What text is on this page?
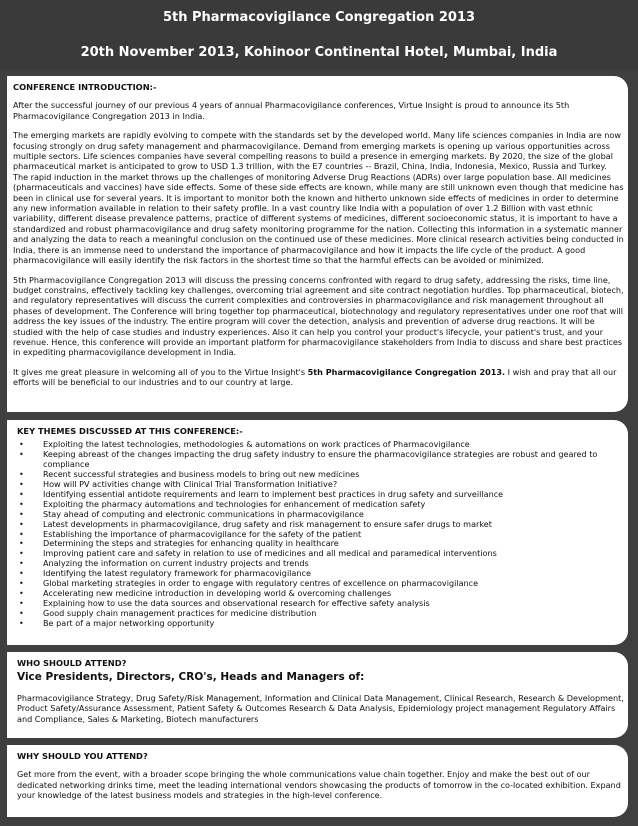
5th Pharmacovigilance Congregation 2013
20th November 2013, Kohinoor Continental Hotel, Mumbai, India
CONFERENCE INTRODUCTION:-

After the successful journey of our previous 4 years of annual Pharmacovigilance conferences, Virtue Insight is proud to announce its 5th Pharmacovigilance Congregation 2013 in India.

The emerging markets are rapidly evolving to compete with the standards set by the developed world. Many life sciences companies in India are now focusing strongly on drug safety management and pharmacovigilance. Demand from emerging markets is opening up various opportunities across multiple sectors. Life sciences companies have several compelling reasons to build a presence in emerging markets. By 2020, the size of the global pharmaceutical market is anticipated to grow to USD 1.3 trillion, with the E7 countries -- Brazil, China, India, Indonesia, Mexico, Russia and Turkey. The rapid induction in the market throws up the challenges of monitoring Adverse Drug Reactions (ADRs) over large population base. All medicines (pharmaceuticals and vaccines) have side effects. Some of these side effects are known, while many are still unknown even though that medicine has been in clinical use for several years. It is important to monitor both the known and hitherto unknown side effects of medicines in order to determine any new information available in relation to their safety profile. In a vast country like India with a population of over 1.2 Billion with vast ethnic variability, different disease prevalence patterns, practice of different systems of medicines, different socioeconomic status, it is important to have a standardized and robust pharmacovigilance and drug safety monitoring programme for the nation. Collecting this information in a systematic manner and analyzing the data to reach a meaningful conclusion on the continued use of these medicines. More clinical research activities being conducted in India, there is an immense need to understand the importance of pharmacovigilance and how it impacts the life cycle of the product. A good pharmacovigilance will easily identify the risk factors in the shortest time so that the harmful effects can be avoided or minimized.

5th Pharmacovigilance Congregation 2013 will discuss the pressing concerns confronted with regard to drug safety, addressing the risks, time line, budget constrains, effectively tackling key challenges, overcoming trial agreement and site contract negotiation hurdles. Top pharmaceutical, biotech, and regulatory representatives will discuss the current complexities and controversies in pharmacovigilance and risk management throughout all phases of development. The Conference will bring together top pharmaceutical, biotechnology and regulatory representatives under one roof that will address the key issues of the industry. The entire program will cover the detection, analysis and prevention of adverse drug reactions. It will be studied with the help of case studies and industry experiences. Also it can help you control your product's lifecycle, your patient's trust, and your revenue. Hence, this conference will provide an important platform for pharmacovigilance stakeholders from India to discuss and share best practices in expediting pharmacovigilance development in India.

It gives me great pleasure in welcoming all of you to the Virtue Insight's 5th Pharmacovigilance Congregation 2013. I wish and pray that all our efforts will be beneficial to our industries and to our country at large.

KEY THEMES DISCUSSED AT THIS CONFERENCE:-
• Exploiting the latest technologies, methodologies & automations on work practices of Pharmacovigilance
• Keeping abreast of the changes impacting the drug safety industry to ensure the pharmacovigilance strategies are robust and geared to compliance
• Recent successful strategies and business models to bring out new medicines
• How will PV activities change with Clinical Trial Transformation Initiative?
• Identifying essential antidote requirements and learn to implement best practices in drug safety and surveillance
• Exploiting the pharmacy automations and technologies for enhancement of medication safety
• Stay ahead of computing and electronic communications in pharmacovigilance
• Latest developments in pharmacovigilance, drug safety and risk management to ensure safer drugs to market
• Establishing the importance of pharmacovigilance for the safety of the patient
• Determining the steps and strategies for enhancing quality in healthcare
• Improving patient care and safety in relation to use of medicines and all medical and paramedical interventions
• Analyzing the information on current industry projects and trends
• Identifying the latest regulatory framework for pharmacovigilance
• Global marketing strategies in order to engage with regulatory centres of excellence on pharmacovigilance
• Accelerating new medicine introduction in developing world & overcoming challenges
• Explaining how to use the data sources and observational research for effective safety analysis
• Good supply chain management practices for medicine distribution
• Be part of a major networking opportunity
WHO SHOULD ATTEND?
Vice Presidents, Directors, CRO's, Heads and Managers of:
Pharmacovigilance Strategy, Drug Safety/Risk Management, Information and Clinical Data Management, Clinical Research, Research & Development, Product Safety/Assurance Assessment, Patient Safety & Outcomes Research & Data Analysis, Epidemiology project management Regulatory Affairs and Compliance, Sales & Marketing, Biotech manufacturers
WHY SHOULD YOU ATTEND?
Get more from the event, with a broader scope bringing the whole communications value chain together. Enjoy and make the best out of our dedicated networking drinks time, meet the leading international vendors showcasing the products of tomorrow in the co-located exhibition. Expand your knowledge of the latest business models and strategies in the high-level conference.
